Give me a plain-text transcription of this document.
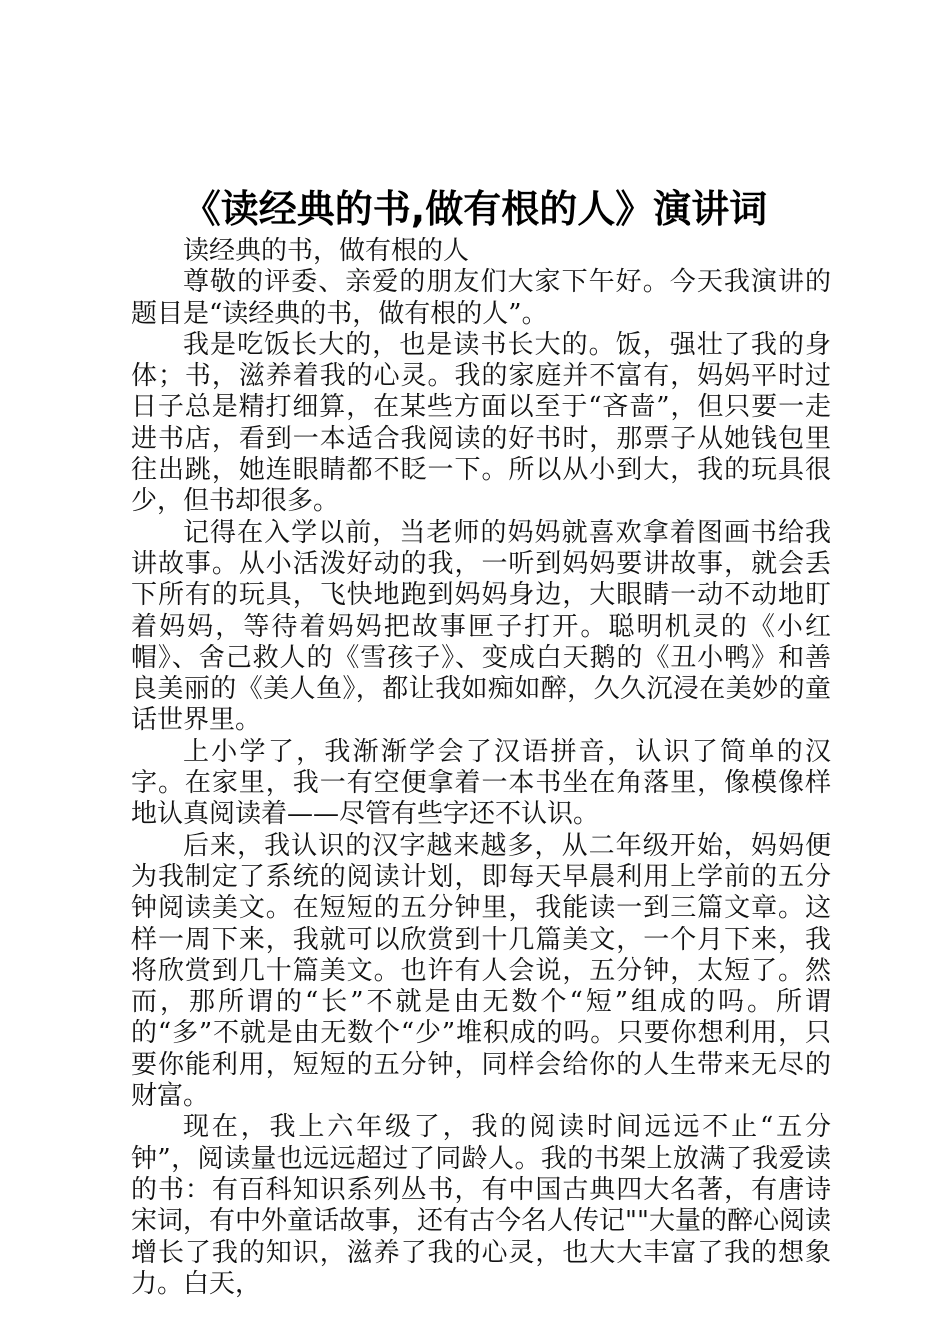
《读经典的书,做有根的人》演讲词

读经典的书，做有根的人

尊敬的评委、亲爱的朋友们大家下午好。今天我演讲的题目是“读经典的书，做有根的人”。

我是吃饭长大的，也是读书长大的。饭，强壮了我的身体；书，滋养着我的心灵。我的家庭并不富有，妈妈平时过日子总是精打细算，在某些方面以至于“吝啬”，但只要一走进书店，看到一本适合我阅读的好书时，那票子从她钱包里往出跳，她连眼睛都不眨一下。所以从小到大，我的玩具很少，但书却很多。

记得在入学以前，当老师的妈妈就喜欢拿着图画书给我讲故事。从小活泼好动的我，一听到妈妈要讲故事，就会丢下所有的玩具，飞快地跑到妈妈身边，大眼睛一动不动地盯着妈妈，等待着妈妈把故事匣子打开。聪明机灵的《小红帽》、舍己救人的《雪孩子》、变成白天鹅的《丑小鸭》和善良美丽的《美人鱼》，都让我如痴如醉，久久沉浸在美妙的童话世界里。

上小学了，我渐渐学会了汉语拼音，认识了简单的汉字。在家里，我一有空便拿着一本书坐在角落里，像模像样地认真阅读着——尽管有些字还不认识。

后来，我认识的汉字越来越多，从二年级开始，妈妈便为我制定了系统的阅读计划，即每天早晨利用上学前的五分钟阅读美文。在短短的五分钟里，我能读一到三篇文章。这样一周下来，我就可以欣赏到十几篇美文，一个月下来，我将欣赏到几十篇美文。也许有人会说，五分钟，太短了。然而，那所谓的“长”不就是由无数个“短”组成的吗。所谓的“多”不就是由无数个“少”堆积成的吗。只要你想利用，只要你能利用，短短的五分钟，同样会给你的人生带来无尽的财富。

现在，我上六年级了，我的阅读时间远远不止“五分钟”，阅读量也远远超过了同龄人。我的书架上放满了我爱读的书：有百科知识系列丛书，有中国古典四大名著，有唐诗宋词，有中外童话故事，还有古今名人传记""大量的醉心阅读增长了我的知识，滋养了我的心灵，也大大丰富了我的想象力。白天，
